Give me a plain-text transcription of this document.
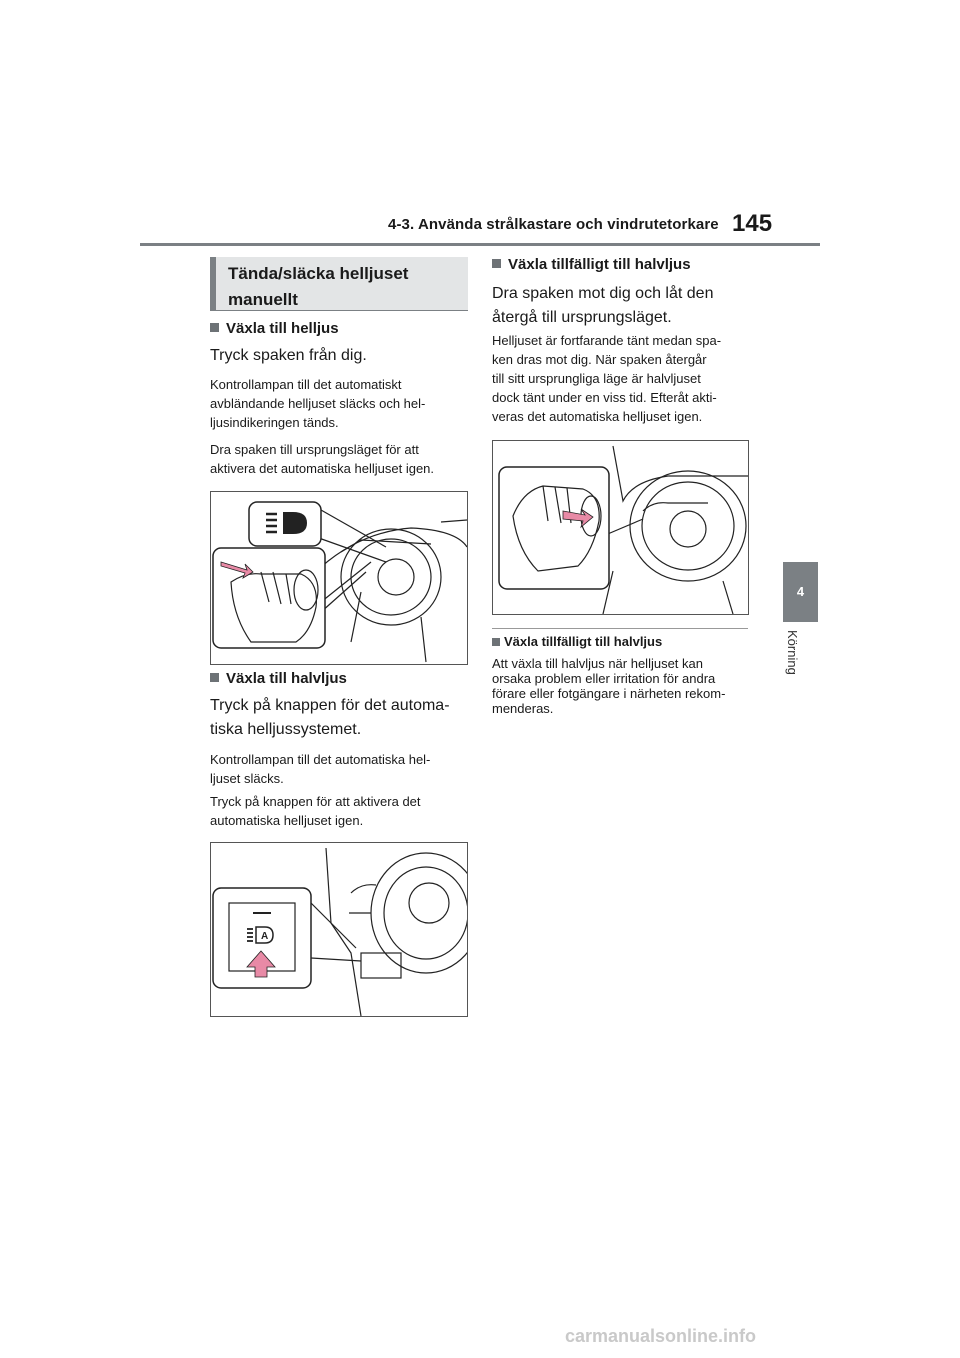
4-3. Använda strålkastare och vindrutetorkare 145
4
Körning
Tända/släcka helljuset
manuellt
Växla till helljus
Tryck spaken från dig.
Kontrollampan till det automatiskt
avbländande helljuset släcks och hel-
ljusindikeringen tänds.
Dra spaken till ursprungsläget för att
aktivera det automatiska helljuset igen.
Växla till halvljus
Tryck på knappen för det automa-
tiska helljussystemet.
Kontrollampan till det automatiska hel-
ljuset släcks.
Tryck på knappen för att aktivera det
automatiska helljuset igen.
A
Växla tillfälligt till halvljus
Dra spaken mot dig och låt den
återgå till ursprungsläget.
Helljuset är fortfarande tänt medan spa-
ken dras mot dig. När spaken återgår
till sitt ursprungliga läge är halvljuset
dock tänt under en viss tid. Efteråt akti-
veras det automatiska helljuset igen.
Växla tillfälligt till halvljus
Att växla till halvljus när helljuset kan
orsaka problem eller irritation för andra
förare eller fotgängare i närheten rekom-
menderas.
carmanualsonline.info
